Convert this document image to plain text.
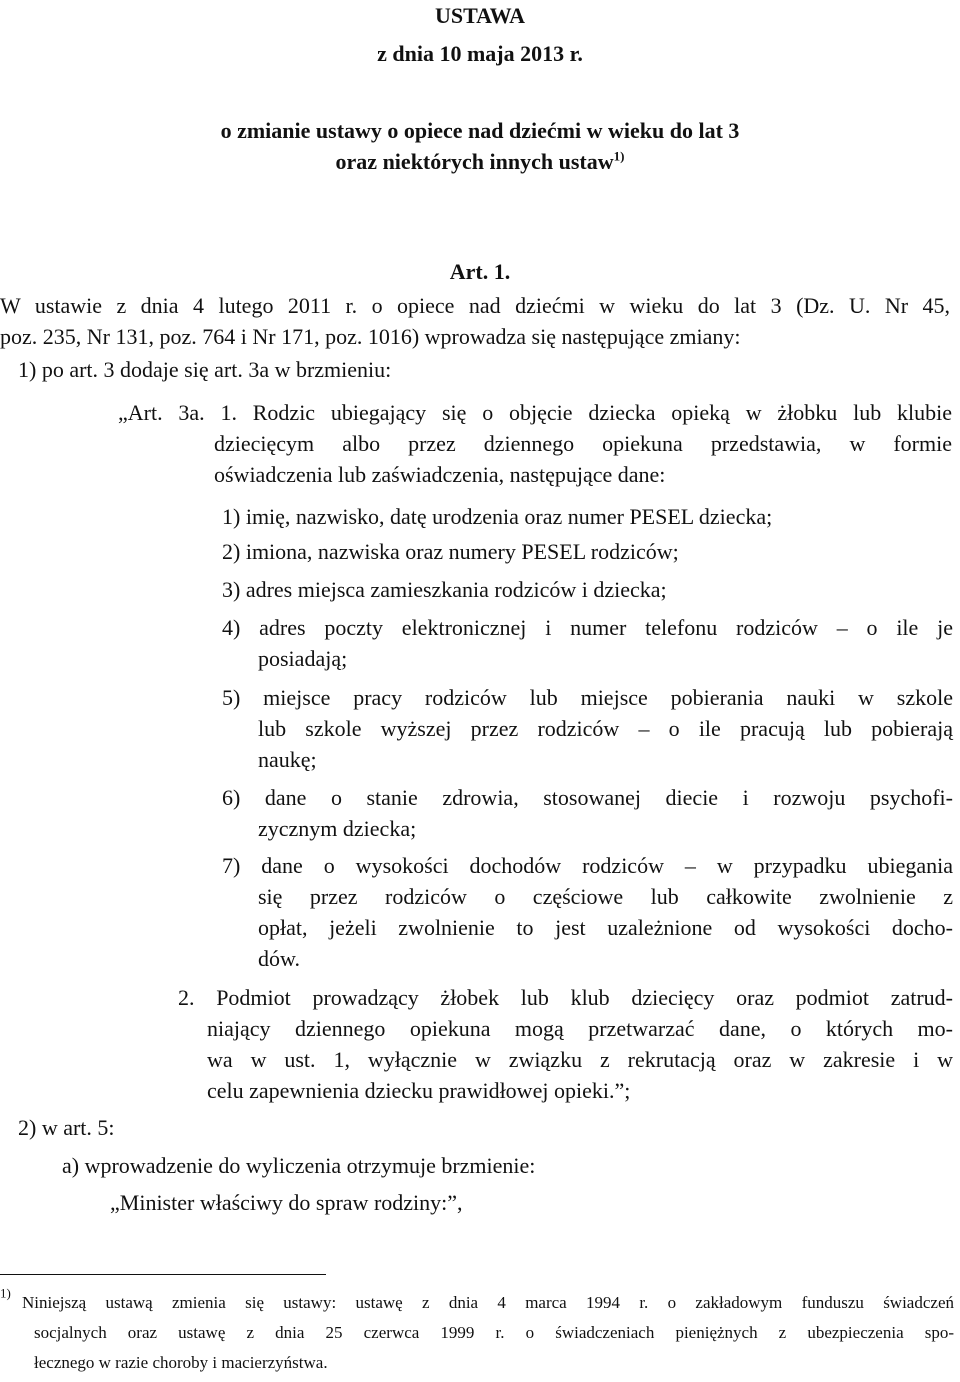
USTAWA
z dnia 10 maja 2013 r.
o zmianie ustawy o opiece nad dziećmi w wieku do lat 3
oraz niektórych innych ustaw$^{1)}$
Art. 1.
W ustawie z dnia 4 lutego 2011 r. o opiece nad dziećmi w wieku do lat 3 (Dz. U. Nr 45,
poz. 235, Nr 131, poz. 764 i Nr 171, poz. 1016) wprowadza się następujące zmiany:
1) po art. 3 dodaje się art. 3a w brzmieniu:
„Art. 3a. 1. Rodzic ubiegający się o objęcie dziecka opieką w żłobku lub klubie
dziecięcym albo przez dziennego opiekuna przedstawia, w formie
oświadczenia lub zaświadczenia, następujące dane:
1) imię, nazwisko, datę urodzenia oraz numer PESEL dziecka;
2) imiona, nazwiska oraz numery PESEL rodziców;
3) adres miejsca zamieszkania rodziców i dziecka;
4) adres poczty elektronicznej i numer telefonu rodziców – o ile je
posiadają;
5) miejsce pracy rodziców lub miejsce pobierania nauki w szkole
lub szkole wyższej przez rodziców – o ile pracują lub pobierają
naukę;
6) dane o stanie zdrowia, stosowanej diecie i rozwoju psychofi-
zycznym dziecka;
7) dane o wysokości dochodów rodziców – w przypadku ubiegania
się przez rodziców o częściowe lub całkowite zwolnienie z
opłat, jeżeli zwolnienie to jest uzależnione od wysokości docho-
dów.
2. Podmiot prowadzący żłobek lub klub dziecięcy oraz podmiot zatrud-
niający dziennego opiekuna mogą przetwarzać dane, o których mo-
wa w ust. 1, wyłącznie w związku z rekrutacją oraz w zakresie i w
celu zapewnienia dziecku prawidłowej opieki.”;
2) w art. 5:
a) wprowadzenie do wyliczenia otrzymuje brzmienie:
„Minister właściwy do spraw rodziny:”,
$^{1)}$
Niniejszą ustawą zmienia się ustawy: ustawę z dnia 4 marca 1994 r. o zakładowym funduszu świadczeń
socjalnych oraz ustawę z dnia 25 czerwca 1999 r. o świadczeniach pieniężnych z ubezpieczenia spo-
łecznego w razie choroby i macierzyństwa.
